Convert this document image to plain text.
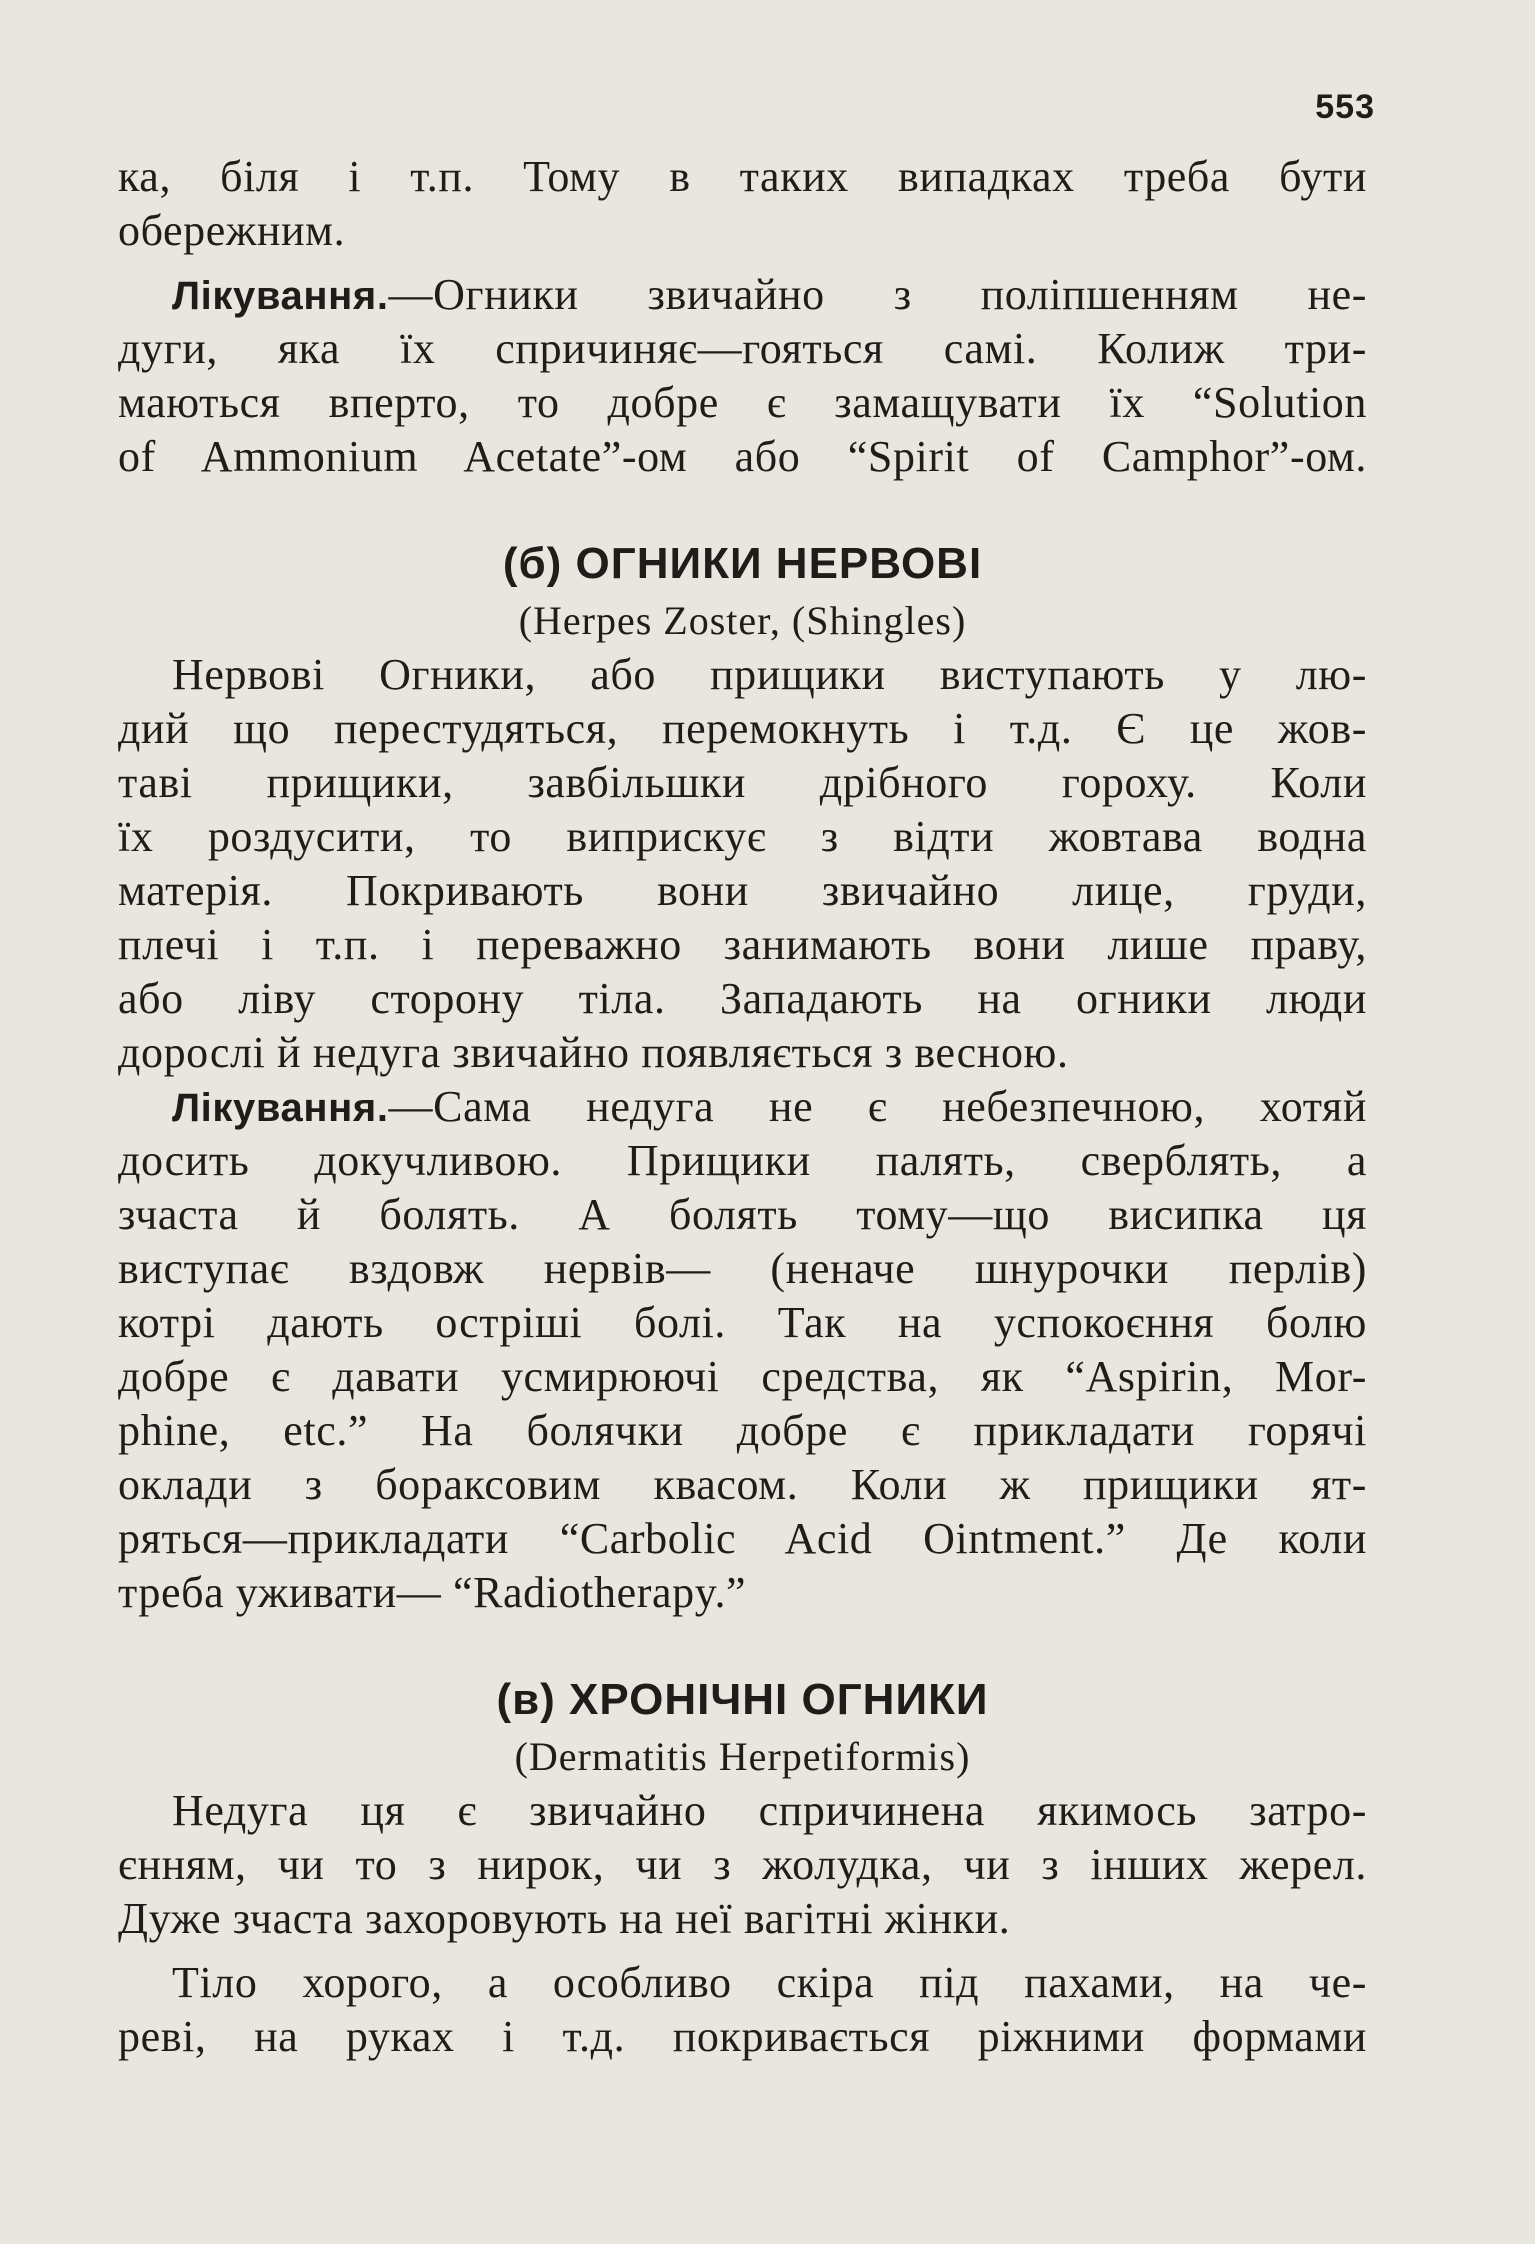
553
ка, біля і т.п. Тому в таких випадках треба бути
обережним.
Лікування.—Огники звичайно з поліпшенням не-
дуги, яка їх спричиняє—гояться самі. Колиж три-
маються вперто, то добре є замащувати їх “Solution
of Ammonium Acetate”-ом або “Spirit of Camphor”-ом.
(б) ОГНИКИ НЕРВОВІ
(Herpes Zoster, (Shingles)
Нервові Огники, або прищики виступають у лю-
дий що перестудяться, перемокнуть і т.д. Є це жов-
таві прищики, завбільшки дрібного гороху. Коли
їх роздусити, то виприскує з відти жовтава водна
матерія. Покривають вони звичайно лице, груди,
плечі і т.п. і переважно занимають вони лише праву,
або ліву сторону тіла. Западають на огники люди
дорослі й недуга звичайно появляється з весною.
Лікування.—Сама недуга не є небезпечною, хотяй
досить докучливою. Прищики палять, сверблять, а
зчаста й болять. А болять тому—що висипка ця
виступає вздовж нервів— (неначе шнурочки перлів)
котрі дають острішi болі. Так на успокоєння болю
добре є давати усмирюючі средства, як “Aspirin, Mor-
phine, etc.” На болячки добре є прикладати горячі
оклади з бораксовим квасом. Коли ж прищики ят-
ряться—прикладати “Carbolic Acid Ointment.” Де коли
треба уживати— “Radiotherapy.”
(в) ХРОНІЧНІ ОГНИКИ
(Dermatitis Herpetiformis)
Недуга ця є звичайно спричинена якимось затро-
єнням, чи то з нирок, чи з жолудка, чи з інших жерел.
Дуже зчаста захоровують на неї вагітні жінки.
Тіло хорого, а особливо скіра під пахами, на че-
реві, на руках і т.д. покривається ріжними формами
